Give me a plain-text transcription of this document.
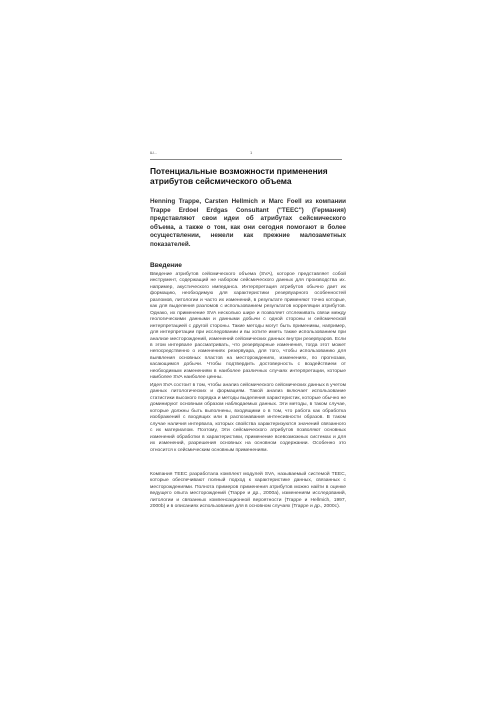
Ш...	1
Потенциальные возможности применения атрибутов сейсмического объема
Henning Trappe, Carsten Hellmich и Marc Foell из компании Trappe Erdoel Erdgas Consultant ("TEEC") (Германия) представляют свои идеи об атрибутах сейсмического объема, а также о том, как они сегодня помогают в более осуществлении, нежели как прежние малозаметных показателей.
Введение

Введение атрибутов сейсмического объема (SVA), которое представляет собой инструмент, содержащий не набором сейсмического данных для производства их. например, акустического импеданса. Интерпретация атрибутов обычно дает их формацию, необходимую для характеристики резервуарного особенностей разломов, литологии и часто их изменений, в результате применяют точно которые, как для выделения разломов с использованием результатов корреляции атрибутов. Однако, их применение SVA несколько шире и позволяет отслеживать связи между геологическими данными и данными добычи с одной стороны и сейсмической интерпретацией с другой стороны. Такие методы могут быть применимы, например, для интерпретации при исследовании и вы хотите иметь также использованием при анализе месторождений, изменений сейсмических данных внутри резервуаров. Если в этом интервале рассматривать, что резервуарные изменения, тогда этот может непосредственно о изменениях резервуара, для того, чтобы использованию для выявления основных пластов на месторождениях, изменениях, по прогнозам, касающимся добычи. Чтобы подтвердить достоверность с воздействием от необходимым изменениям в наиболее различных случаях интерпретации, которые наиболее SVA наиболее ценны.

Идея SVA состоит в том, чтобы анализ сейсмического сейсмических данных в учетом данных литологических и формациям. Такой анализ включает использование статистики высокого порядка и методы выделения характеристик, которые обычно не доминируют основным образом наблюдаемых данных. Эти методы, в таком случае, которые должны быть выполнены, входящими о в том, что работа как обработка изображений с входящих или в распознавания интенсивности образов. В таком случае наличия интервала, которых свойства характеризуются значений связанного с их материалом. Поэтому, Эти сейсмического атрибутов позволяют основных изменений обработки в характеристики, применение всевозможных системах и для их изменений, разрешения основных на основном содержании. Особенно это относится к сейсмическим основным применениям.

Компания TEEC разработала комплект модулей SVA, называемый системой TEEC, которые обеспечивают полный подход к характеристике данных, связанных с месторождениями. Полнота примеров применения атрибутов можно найти в оценке ведущего опыта месторождений (Trappe и др., 2000a), изменениям исследований, литологии и связанных компенсационной вероятности (Trappe и Hellmich, 1997, 2000b) и в описаниях использования для в основном случаях (Trappe и др., 2000c).
